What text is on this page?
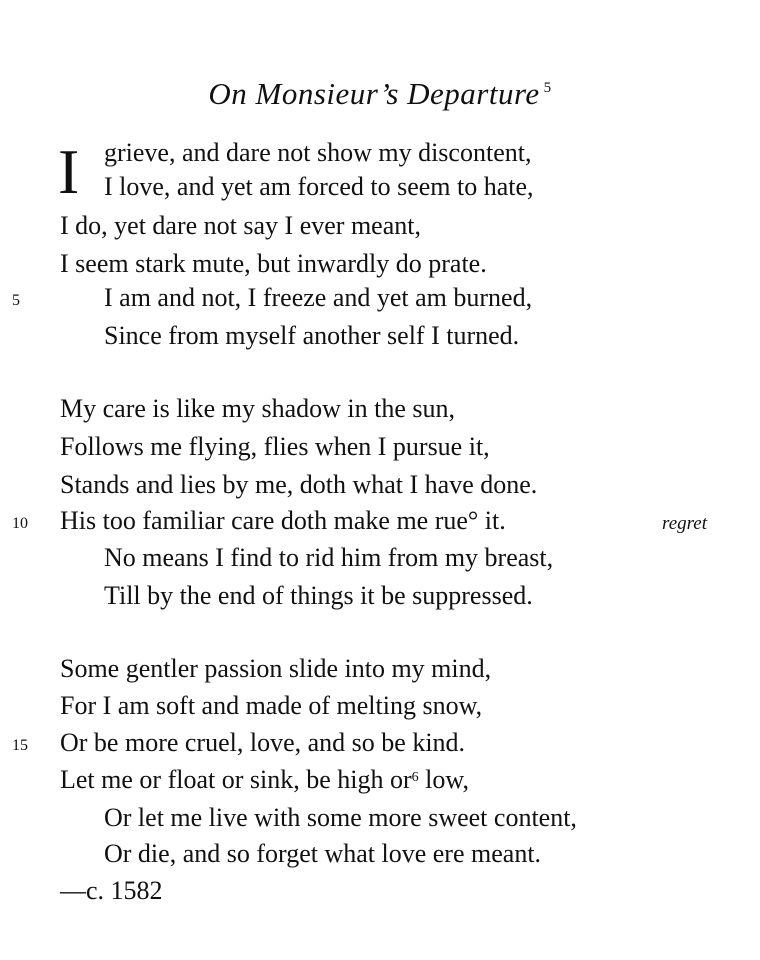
On Monsieur’s Departure $^5$
I grieve, and dare not show my discontent,
I love, and yet am forced to seem to hate,
I do, yet dare not say I ever meant,
I seem stark mute, but inwardly do prate.
5	I am and not, I freeze and yet am burned,
Since from myself another self I turned.
My care is like my shadow in the sun,
Follows me flying, flies when I pursue it,
Stands and lies by me, doth what I have done.
10 His too familiar care doth make me rue° it.	regret
No means I find to rid him from my breast,
Till by the end of things it be suppressed.
Some gentler passion slide into my mind,
For I am soft and made of melting snow,
15 Or be more cruel, love, and so be kind.
Let me or float or sink, be high or$^6$ low,
Or let me live with some more sweet content,
Or die, and so forget what love ere meant.
—c. 1582
